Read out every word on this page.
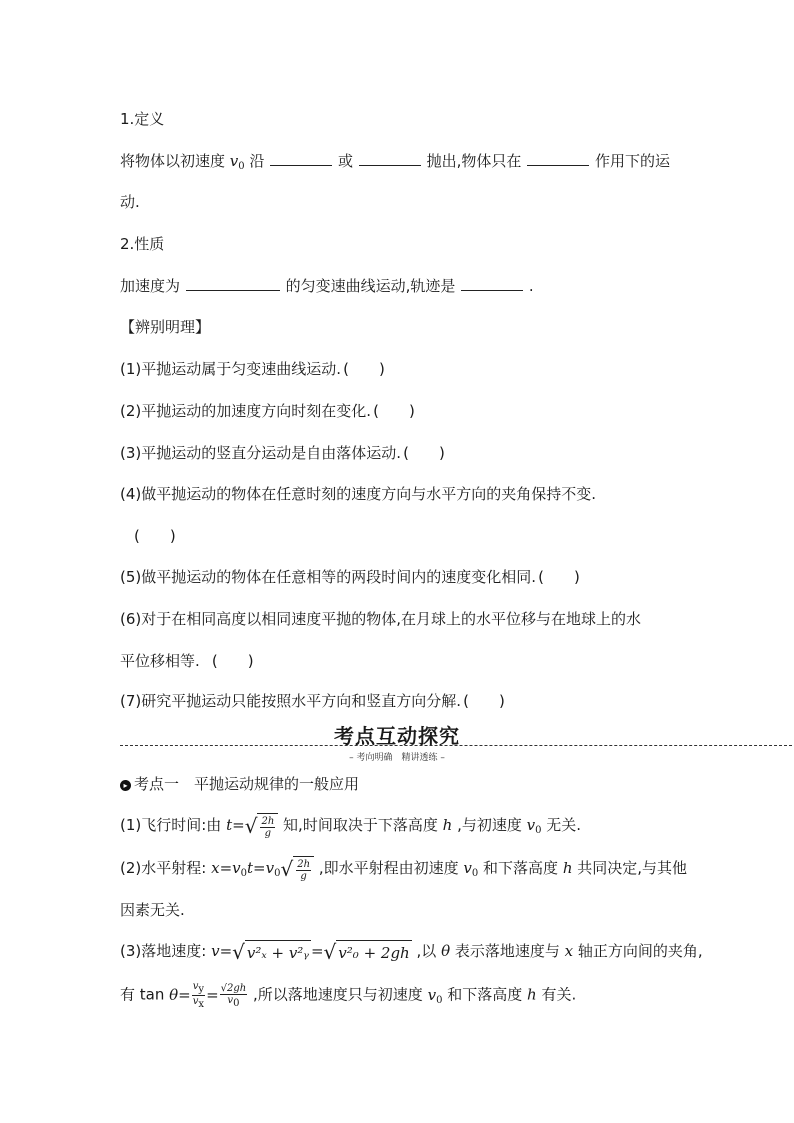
1.定义
将物体以初速度 $v_0$ 沿	或	抛出,物体只在	作用下的运
动.
2.性质
加速度为	的匀变速曲线运动,轨迹是	.
【辨别明理】
(1)平抛运动属于匀变速曲线运动. (　　)
(2)平抛运动的加速度方向时刻在变化. (　　)
(3)平抛运动的竖直分运动是自由落体运动. (　　)
(4)做平抛运动的物体在任意时刻的速度方向与水平方向的夹角保持不变.
(　　)
(5)做平抛运动的物体在任意相等的两段时间内的速度变化相同. (　　)
(6)对于在相同高度以相同速度平抛的物体,在月球上的水平位移与在地球上的水
平位移相等. (　　)
(7)研究平抛运动只能按照水平方向和竖直方向分解. (　　)
考点互动探究
– 考向明确　精讲透练 –
▸ 考点一　平抛运动规律的一般应用
(1)飞行时间:由 $t=√ \frac{2h}{g}$ 知,时间取决于下落高度 h ,与初速度 $v_0$ 无关.
(2)水平射程: $x=v_0t=v_0√ \frac{2h}{g}$ ,即水平射程由初速度 $v_0$ 和下落高度 h 共同决定,与其他
因素无关.
(3)落地速度: v=√ v²ₓ + v²ᵧ =√ v²₀ + 2gh ,以 θ 表示落地速度与 x 轴正方向间的夹角,
有 $\tan \theta= \frac{vy}{vx} = \frac{√2gh}{v0}$ ,所以落地速度只与初速度 $v_0$ 和下落高度 h 有关.
